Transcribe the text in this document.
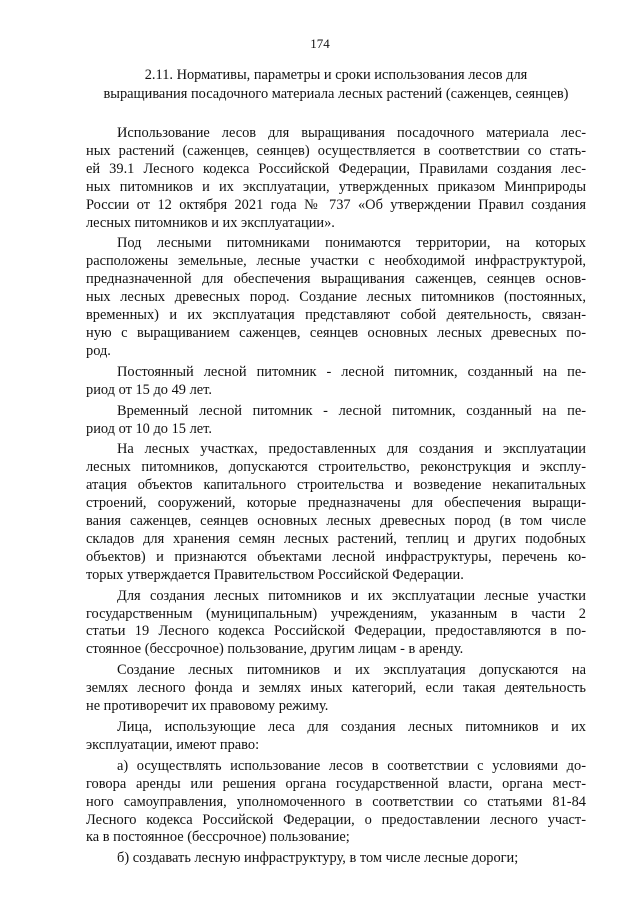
174
2.11. Нормативы, параметры и сроки использования лесов для
выращивания посадочного материала лесных растений (саженцев, сеянцев)

Использование лесов для выращивания посадочного материала лес-
ных растений (саженцев, сеянцев) осуществляется в соответствии со стать-
ей 39.1 Лесного кодекса Российской Федерации, Правилами создания лес-
ных питомников и их эксплуатации, утвержденных приказом Минприроды
России от 12 октября 2021 года № 737 «Об утверждении Правил создания
лесных питомников и их эксплуатации».

Под лесными питомниками понимаются территории, на которых
расположены земельные, лесные участки с необходимой инфраструктурой,
предназначенной для обеспечения выращивания саженцев, сеянцев основ-
ных лесных древесных пород. Создание лесных питомников (постоянных,
временных) и их эксплуатация представляют собой деятельность, связан-
ную с выращиванием саженцев, сеянцев основных лесных древесных по-
род.

Постоянный лесной питомник - лесной питомник, созданный на пе-
риод от 15 до 49 лет.

Временный лесной питомник - лесной питомник, созданный на пе-
риод от 10 до 15 лет.

На лесных участках, предоставленных для создания и эксплуатации
лесных питомников, допускаются строительство, реконструкция и эксплу-
атация объектов капитального строительства и возведение некапитальных
строений, сооружений, которые предназначены для обеспечения выращи-
вания саженцев, сеянцев основных лесных древесных пород (в том числе
складов для хранения семян лесных растений, теплиц и других подобных
объектов) и признаются объектами лесной инфраструктуры, перечень ко-
торых утверждается Правительством Российской Федерации.

Для создания лесных питомников и их эксплуатации лесные участки
государственным (муниципальным) учреждениям, указанным в части 2
статьи 19 Лесного кодекса Российской Федерации, предоставляются в по-
стоянное (бессрочное) пользование, другим лицам - в аренду.

Создание лесных питомников и их эксплуатация допускаются на
землях лесного фонда и землях иных категорий, если такая деятельность
не противоречит их правовому режиму.

Лица, использующие леса для создания лесных питомников и их
эксплуатации, имеют право:

а) осуществлять использование лесов в соответствии с условиями до-
говора аренды или решения органа государственной власти, органа мест-
ного самоуправления, уполномоченного в соответствии со статьями 81-84
Лесного кодекса Российской Федерации, о предоставлении лесного участ-
ка в постоянное (бессрочное) пользование;

б) создавать лесную инфраструктуру, в том числе лесные дороги;
